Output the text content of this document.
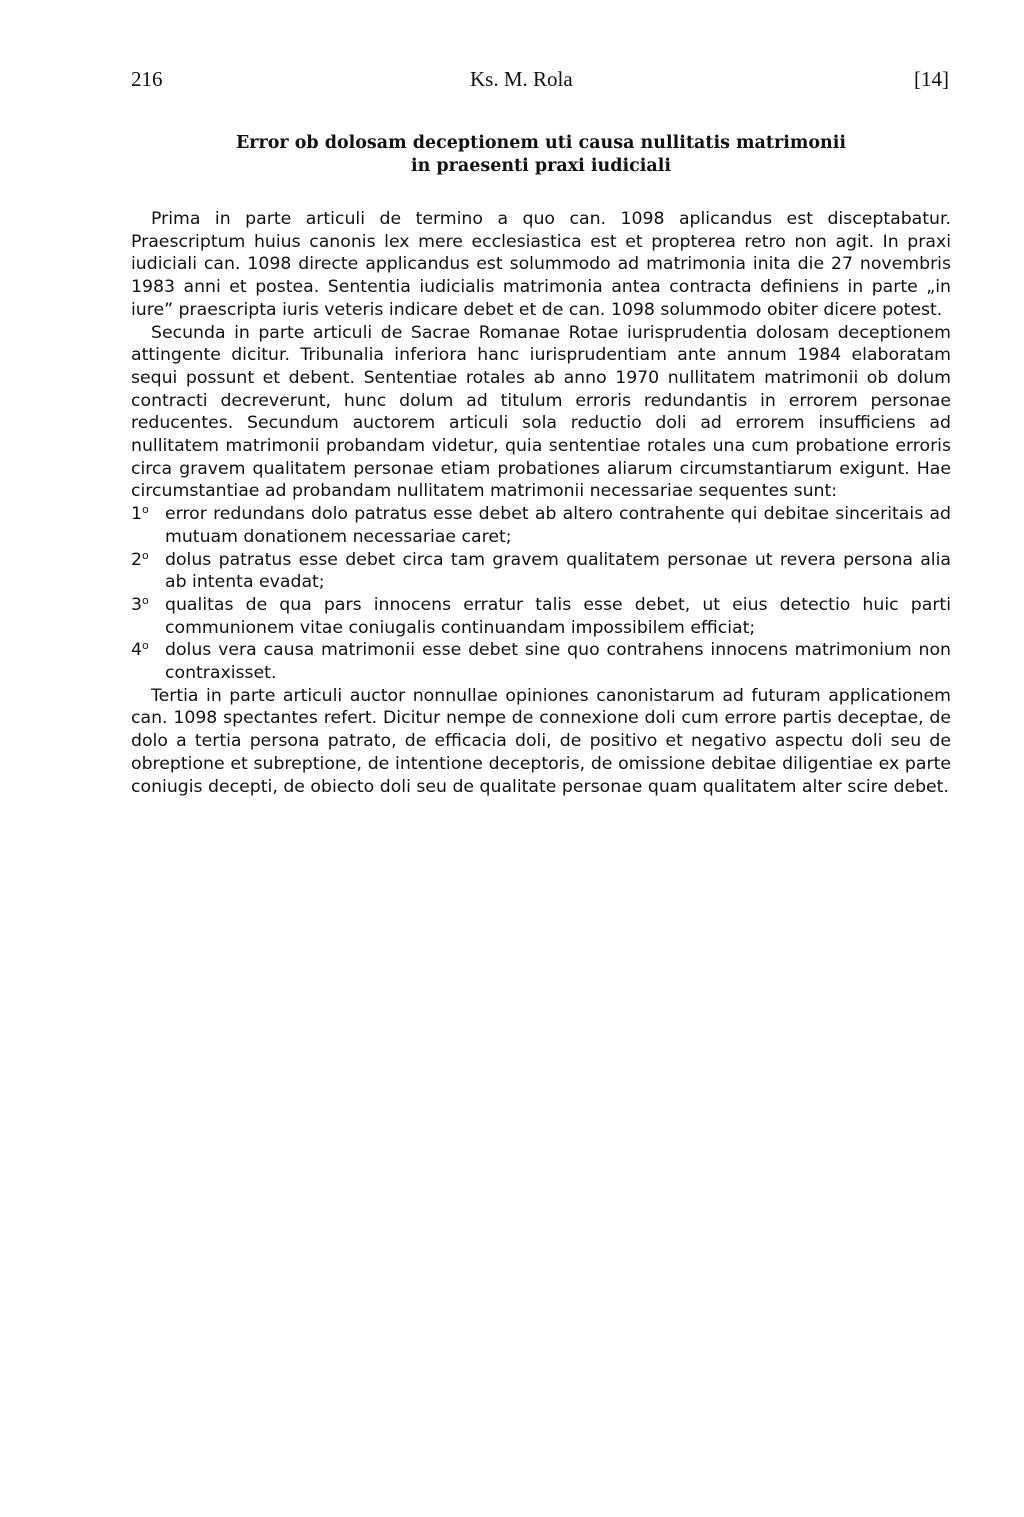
216	Ks. M. Rola	[14]
Error ob dolosam deceptionem uti causa nullitatis matrimonii
in praesenti praxi iudiciali

Prima in parte articuli de termino a quo can. 1098 aplicandus est disceptabatur. Praescriptum huius canonis lex mere ecclesiastica est et propterea retro non agit. In praxi iudiciali can. 1098 directe applicandus est solummodo ad matrimonia inita die 27 novembris 1983 anni et postea. Sententia iudicialis matrimonia antea contracta definiens in parte „in iure” praescripta iuris veteris indicare debet et de can. 1098 solummodo obiter dicere potest.

Secunda in parte articuli de Sacrae Romanae Rotae iurisprudentia dolosam deceptionem attingente dicitur. Tribunalia inferiora hanc iurisprudentiam ante annum 1984 elaboratam sequi possunt et debent. Sententiae rotales ab anno 1970 nullitatem matrimonii ob dolum contracti decreverunt, hunc dolum ad titulum erroris redundantis in errorem personae reducentes. Secundum auctorem articuli sola reductio doli ad errorem insufficiens ad nullitatem matrimonii probandam videtur, quia sententiae rotales una cum probatione erroris circa gravem qualitatem personae etiam probationes aliarum circumstantiarum exigunt. Hae circumstantiae ad probandam nullitatem matrimonii necessariae sequentes sunt:

1$^o$ error redundans dolo patratus esse debet ab altero contrahente qui debitae sinceritais ad mutuam donationem necessariae caret;
2$^o$ dolus patratus esse debet circa tam gravem qualitatem personae ut revera persona alia ab intenta evadat;
3$^o$ qualitas de qua pars innocens erratur talis esse debet, ut eius detectio huic parti communionem vitae coniugalis continuandam impossibilem efficiat;
4$^o$ dolus vera causa matrimonii esse debet sine quo contrahens innocens matrimonium non contraxisset.

Tertia in parte articuli auctor nonnullae opiniones canonistarum ad futuram applicationem can. 1098 spectantes refert. Dicitur nempe de connexione doli cum errore partis deceptae, de dolo a tertia persona patrato, de efficacia doli, de positivo et negativo aspectu doli seu de obreptione et subreptione, de intentione deceptoris, de omissione debitae diligentiae ex parte coniugis decepti, de obiecto doli seu de qualitate personae quam qualitatem alter scire debet.
